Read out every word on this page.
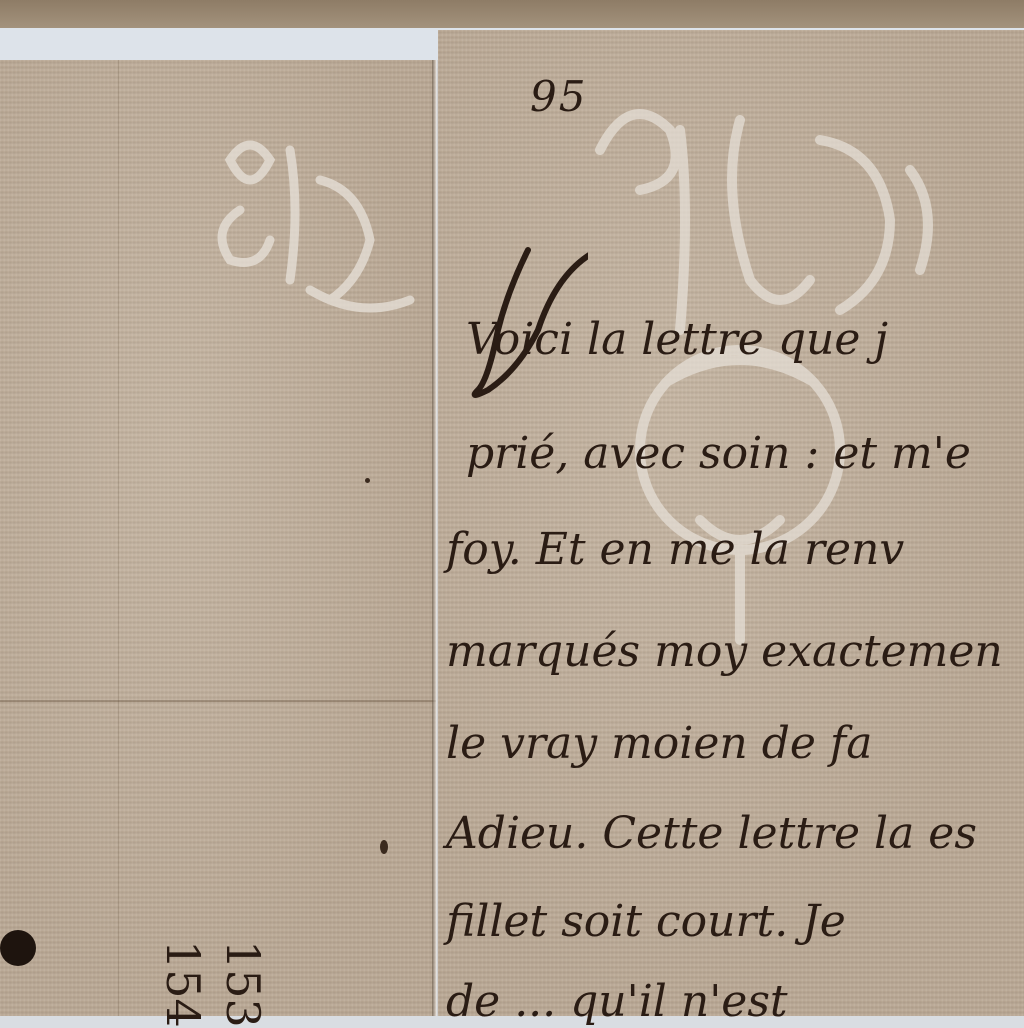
153
154
95
Voici la lettre que j
prié, avec soin : et m'e
foy. Et en me la renv
marqués moy exactemen
le vray moien de fa
Adieu. Cette lettre la es
fillet soit court. Je
de ... qu'il n'est
